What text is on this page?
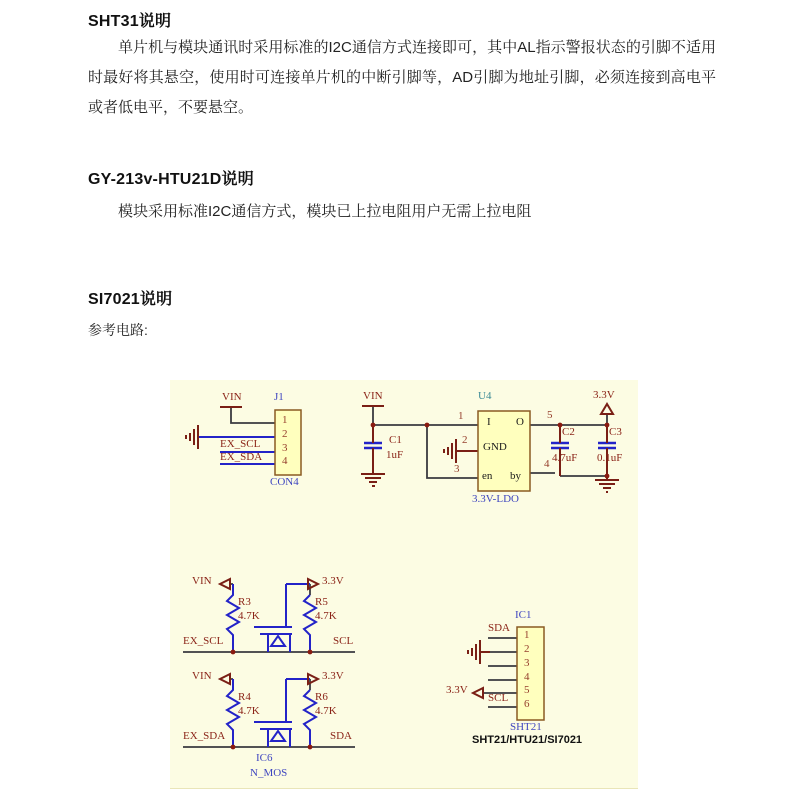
SHT31说明
单片机与模块通讯时采用标准的I2C通信方式连接即可，其中AL指示警报状态的引脚不适用时最好将其悬空，使用时可连接单片机的中断引脚等，AD引脚为地址引脚，必须连接到高电平或者低电平，不要悬空。
GY-213v-HTU21D说明
模块采用标准I2C通信方式，模块已上拉电阻用户无需上拉电阻
SI7021说明
参考电路:
VIN	J1
1
2
3
4
EX_SCL
EX_SDA
CON4
VIN	U4
1
2
3
C1
1uF
I O
GND
en by
3.3V-LDO
5
4
C2
4.7uF
C3
0.1uF
3.3V
VIN	3.3V
R3
4.7K
R5
4.7K
EX_SCL	SCL
VIN	3.3V
R4
4.7K
R6
4.7K
EX_SDA	SDA
IC6
N_MOS
IC1
1
2
3
4
5
6
SDA
3.3V
SCL
SHT21
SHT21/HTU21/SI7021
